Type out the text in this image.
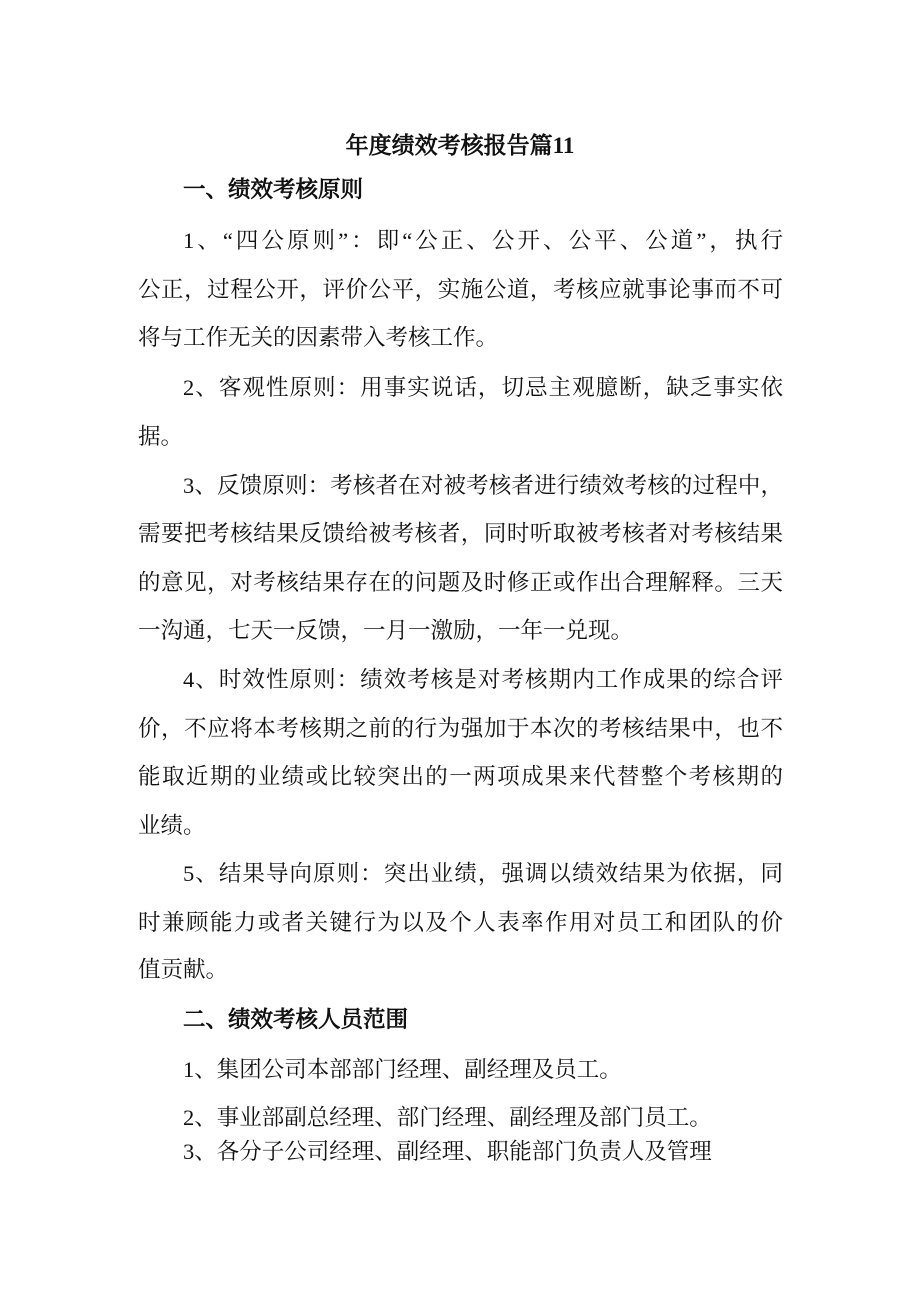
年度绩效考核报告篇11
一、绩效考核原则
1、“四公原则”：即“公正、公开、公平、公道”，执行
公正，过程公开，评价公平，实施公道，考核应就事论事而不可
将与工作无关的因素带入考核工作。
2、客观性原则：用事实说话，切忌主观臆断，缺乏事实依
据。
3、反馈原则：考核者在对被考核者进行绩效考核的过程中，
需要把考核结果反馈给被考核者，同时听取被考核者对考核结果
的意见，对考核结果存在的问题及时修正或作出合理解释。三天
一沟通，七天一反馈，一月一激励，一年一兑现。
4、时效性原则：绩效考核是对考核期内工作成果的综合评
价，不应将本考核期之前的行为强加于本次的考核结果中，也不
能取近期的业绩或比较突出的一两项成果来代替整个考核期的
业绩。
5、结果导向原则：突出业绩，强调以绩效结果为依据，同
时兼顾能力或者关键行为以及个人表率作用对员工和团队的价
值贡献。
二、绩效考核人员范围
1、集团公司本部部门经理、副经理及员工。
2、事业部副总经理、部门经理、副经理及部门员工。
3、各分子公司经理、副经理、职能部门负责人及管理
